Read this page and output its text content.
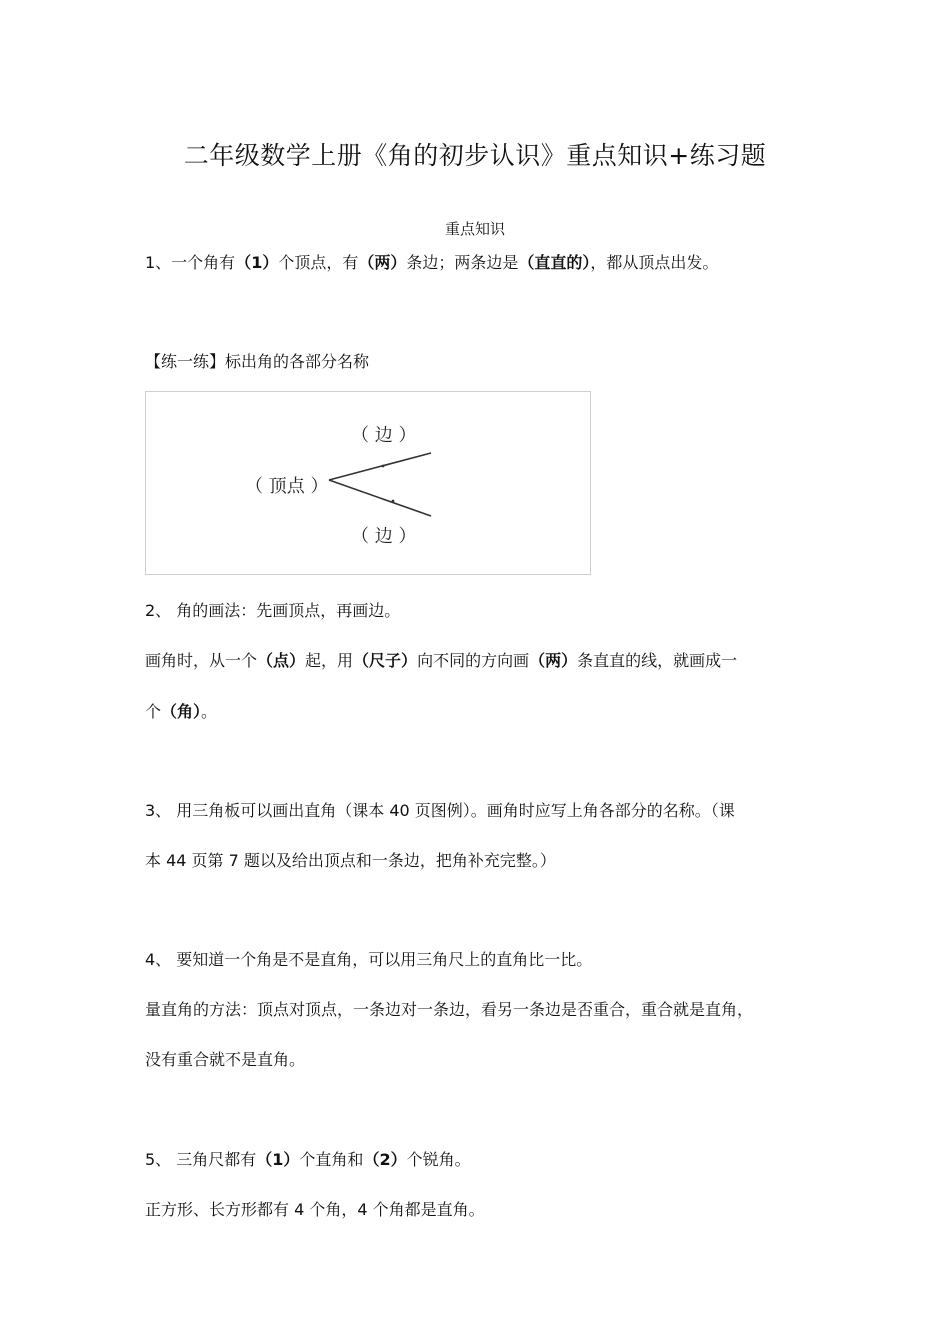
二年级数学上册《角的初步认识》重点知识+练习题
重点知识
1、一个角有（1）个顶点，有（两）条边；两条边是（直直的），都从顶点出发。
【练一练】标出角的各部分名称
（ 边 ）
（ 顶点 ）
（ 边 ）
2、 角的画法：先画顶点，再画边。
画角时，从一个（点）起，用（尺子）向不同的方向画（两）条直直的线，就画成一
个（角）。
3、 用三角板可以画出直角（课本 40 页图例）。画角时应写上角各部分的名称。（课
本 44 页第 7 题以及给出顶点和一条边，把角补充完整。）
4、 要知道一个角是不是直角，可以用三角尺上的直角比一比。
量直角的方法：顶点对顶点，一条边对一条边，看另一条边是否重合，重合就是直角，
没有重合就不是直角。
5、 三角尺都有（1）个直角和（2）个锐角。
正方形、长方形都有 4 个角，4 个角都是直角。
